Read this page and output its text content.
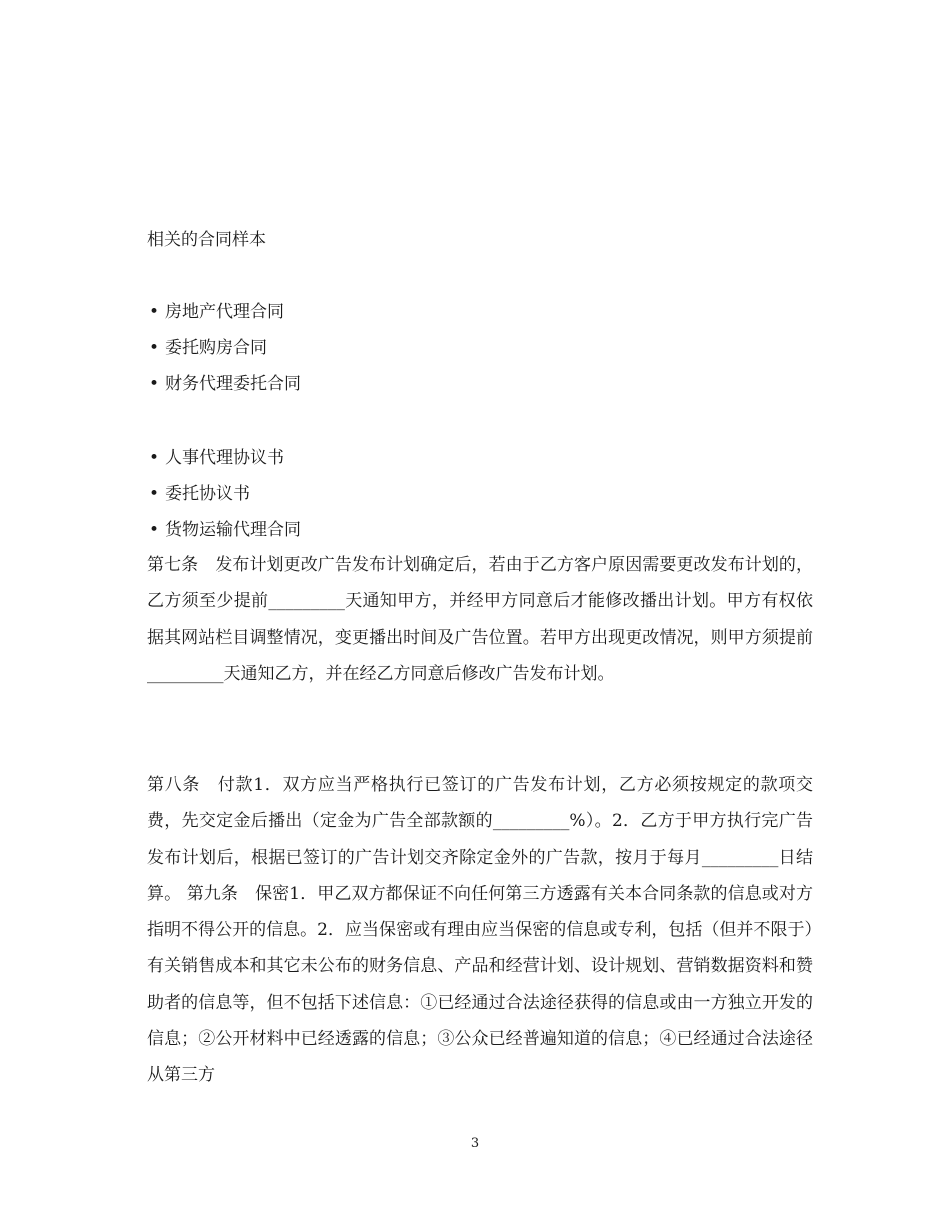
相关的合同样本
• 房地产代理合同
• 委托购房合同
• 财务代理委托合同
• 人事代理协议书
• 委托协议书
• 货物运输代理合同

第七条　发布计划更改广告发布计划确定后，若由于乙方客户原因需要更改发布计划的，乙方须至少提前_________天通知甲方，并经甲方同意后才能修改播出计划。甲方有权依据其网站栏目调整情况，变更播出时间及广告位置。若甲方出现更改情况，则甲方须提前_________天通知乙方，并在经乙方同意后修改广告发布计划。

第八条　付款1．双方应当严格执行已签订的广告发布计划，乙方必须按规定的款项交费，先交定金后播出（定金为广告全部款额的_________%）。2．乙方于甲方执行完广告发布计划后，根据已签订的广告计划交齐除定金外的广告款，按月于每月_________日结算。 第九条　保密1．甲乙双方都保证不向任何第三方透露有关本合同条款的信息或对方指明不得公开的信息。2．应当保密或有理由应当保密的信息或专利，包括（但并不限于）有关销售成本和其它未公布的财务信息、产品和经营计划、设计规划、营销数据资料和赞助者的信息等，但不包括下述信息：①已经通过合法途径获得的信息或由一方独立开发的信息；②公开材料中已经透露的信息；③公众已经普遍知道的信息；④已经通过合法途径从第三方

3
